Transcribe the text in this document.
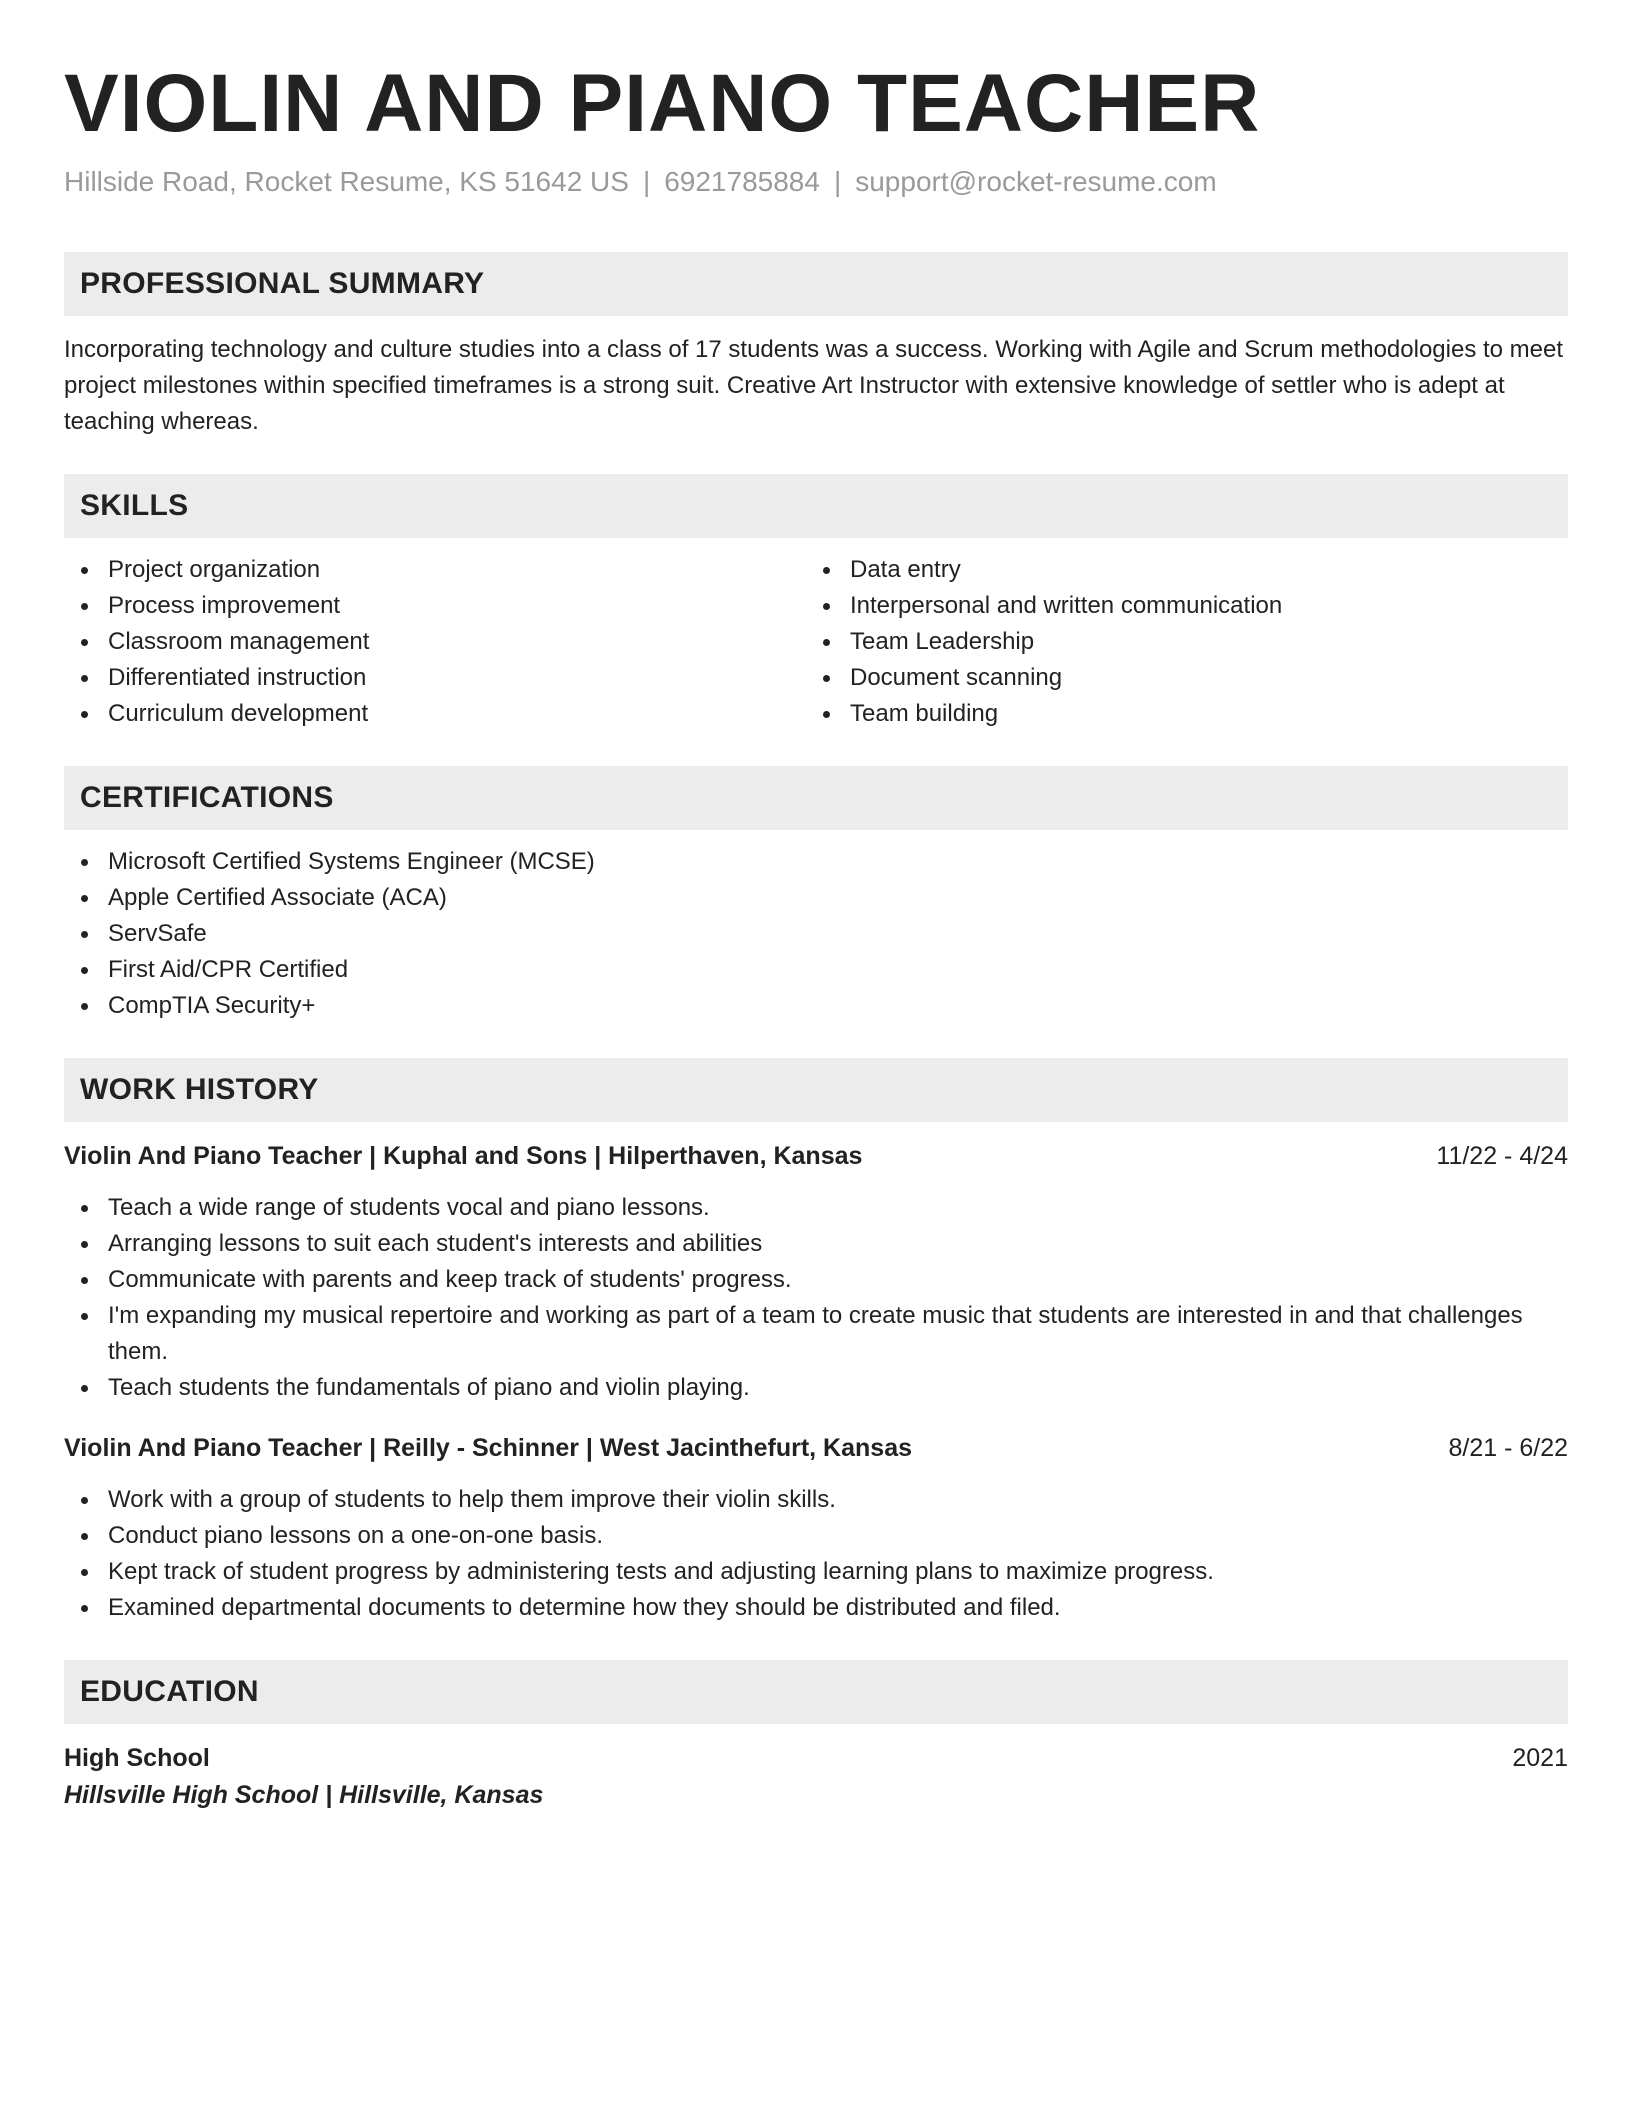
VIOLIN AND PIANO TEACHER
Hillside Road, Rocket Resume, KS 51642 US | 6921785884 | support@rocket-resume.com
PROFESSIONAL SUMMARY

Incorporating technology and culture studies into a class of 17 students was a success. Working with Agile and Scrum methodologies to meet project milestones within specified timeframes is a strong suit. Creative Art Instructor with extensive knowledge of settler who is adept at teaching whereas.

SKILLS
Project organization
Process improvement
Classroom management
Differentiated instruction
Curriculum development
Data entry
Interpersonal and written communication
Team Leadership
Document scanning
Team building
CERTIFICATIONS
Microsoft Certified Systems Engineer (MCSE)
Apple Certified Associate (ACA)
ServSafe
First Aid/CPR Certified
CompTIA Security+
WORK HISTORY
Violin And Piano Teacher | Kuphal and Sons | Hilperthaven, Kansas	11/22 - 4/24
Teach a wide range of students vocal and piano lessons.
Arranging lessons to suit each student's interests and abilities
Communicate with parents and keep track of students' progress.
I'm expanding my musical repertoire and working as part of a team to create music that students are interested in and that challenges them.
Teach students the fundamentals of piano and violin playing.
Violin And Piano Teacher | Reilly - Schinner | West Jacinthefurt, Kansas	8/21 - 6/22
Work with a group of students to help them improve their violin skills.
Conduct piano lessons on a one-on-one basis.
Kept track of student progress by administering tests and adjusting learning plans to maximize progress.
Examined departmental documents to determine how they should be distributed and filed.
EDUCATION
High School	2021
Hillsville High School | Hillsville, Kansas
